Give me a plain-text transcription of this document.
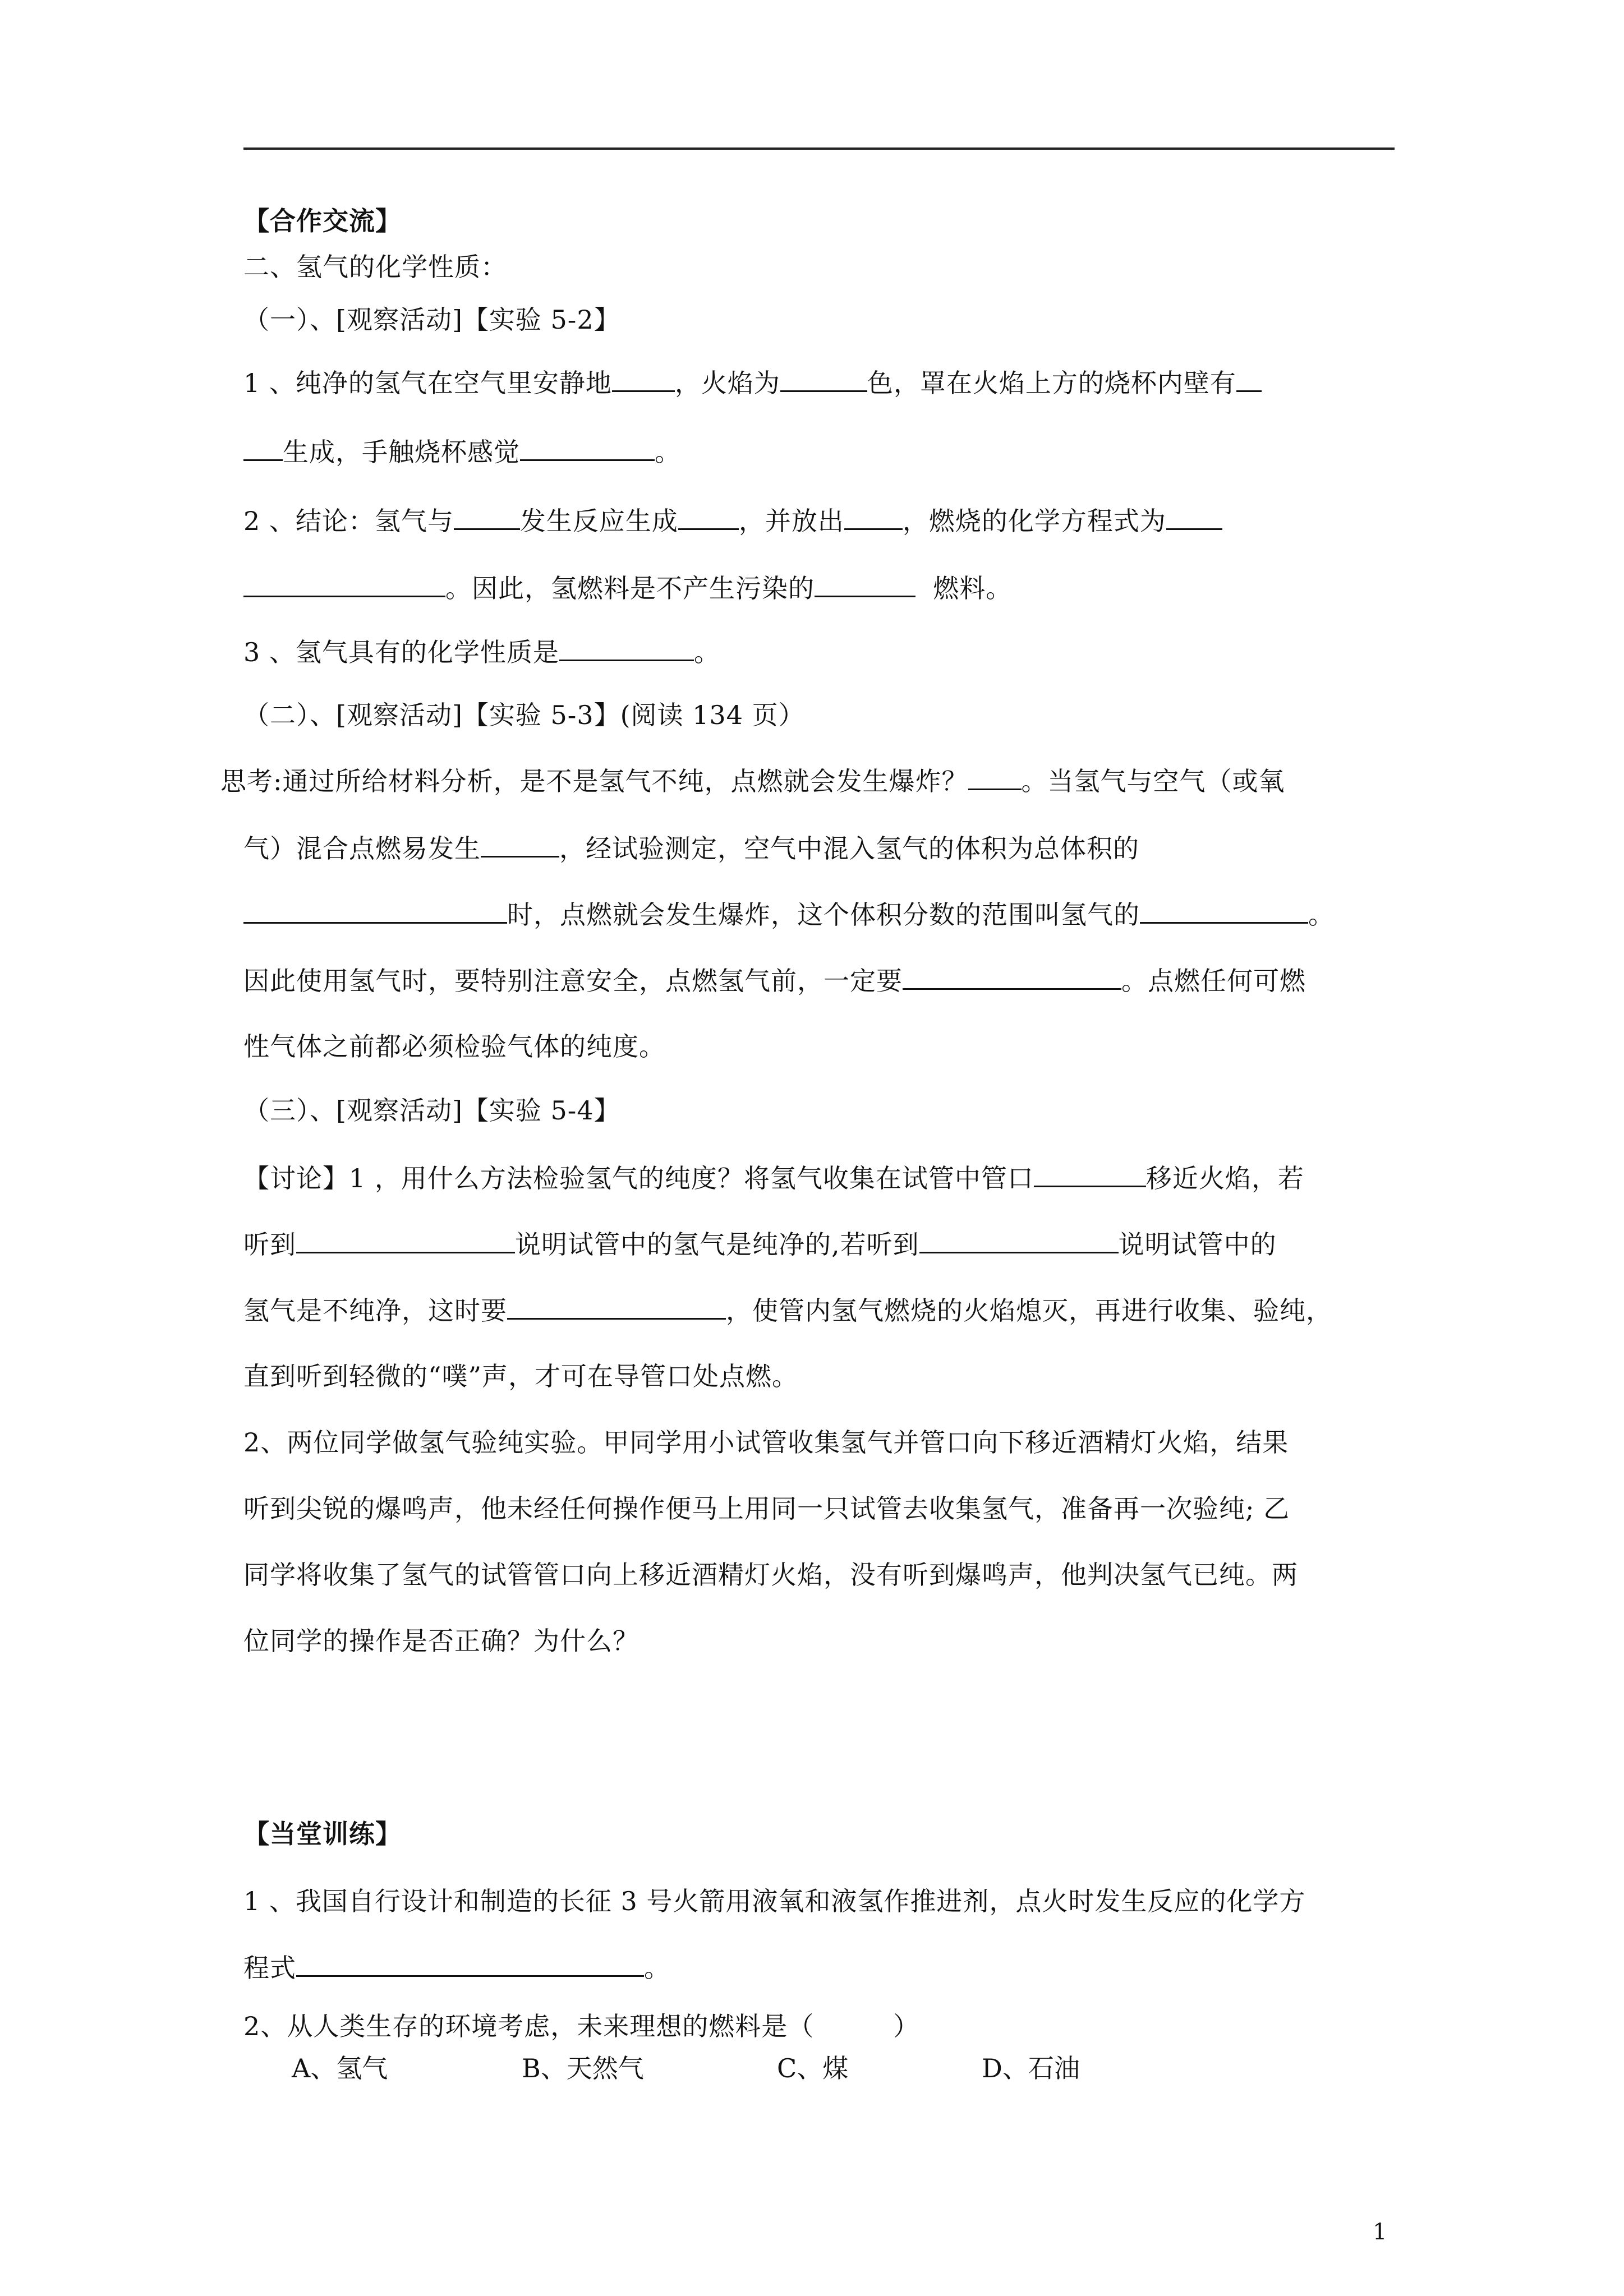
【合作交流】
二、氢气的化学性质：
（一）、[观察活动]【实验 5-2】
1 、纯净的氢气在空气里安静地 ，火焰为	色，罩在火焰上方的烧杯内壁有
生成，手触烧杯感觉	。
2 、结论：氢气与	发生反应生成 ，并放出 ，燃烧的化学方程式为
。因此，氢燃料是不产生污染的	燃料。
3 、氢气具有的化学性质是	。
（二）、[观察活动]【实验 5-3】(阅读 134 页）
思考:通过所给材料分析，是不是氢气不纯，点燃就会发生爆炸？ 。当氢气与空气（或氧
气）混合点燃易发生	，经试验测定，空气中混入氢气的体积为总体积的
时，点燃就会发生爆炸，这个体积分数的范围叫氢气的	。
因此使用氢气时，要特别注意安全，点燃氢气前，一定要	。点燃任何可燃
性气体之前都必须检验气体的纯度。
（三）、[观察活动]【实验 5-4】
【讨论】1 ，用什么方法检验氢气的纯度？将氢气收集在试管中管口	移近火焰，若
听到	说明试管中的氢气是纯净的,若听到	说明试管中的
氢气是不纯净，这时要	，使管内氢气燃烧的火焰熄灭，再进行收集、验纯，
直到听到轻微的“噗”声，才可在导管口处点燃。
2、两位同学做氢气验纯实验。甲同学用小试管收集氢气并管口向下移近酒精灯火焰，结果
听到尖锐的爆鸣声，他未经任何操作便马上用同一只试管去收集氢气，准备再一次验纯; 乙
同学将收集了氢气的试管管口向上移近酒精灯火焰，没有听到爆鸣声，他判决氢气已纯。两
位同学的操作是否正确？为什么？
【当堂训练】
1 、我国自行设计和制造的长征 3 号火箭用液氧和液氢作推进剂，点火时发生反应的化学方
程式	。
2、从人类生存的环境考虑，未来理想的燃料是（　　　）
A、氢气	B、天然气	C、煤	D、石油
1
